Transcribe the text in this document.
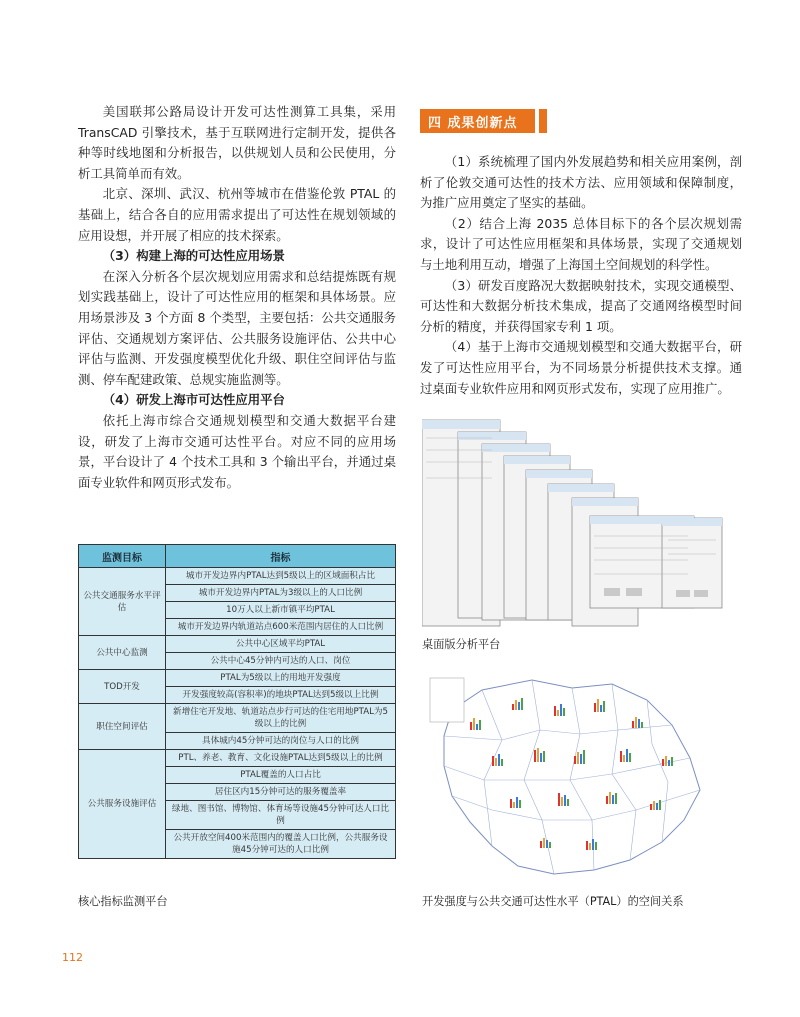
美国联邦公路局设计开发可达性测算工具集，采用TransCAD 引擎技术，基于互联网进行定制开发，提供各种等时线地图和分析报告，以供规划人员和公民使用，分析工具简单而有效。

北京、深圳、武汉、杭州等城市在借鉴伦敦 PTAL 的基础上，结合各自的应用需求提出了可达性在规划领域的应用设想，并开展了相应的技术探索。

（3）构建上海的可达性应用场景

在深入分析各个层次规划应用需求和总结提炼既有规划实践基础上，设计了可达性应用的框架和具体场景。应用场景涉及 3 个方面 8 个类型，主要包括：公共交通服务评估、交通规划方案评估、公共服务设施评估、公共中心评估与监测、开发强度模型优化升级、职住空间评估与监测、停车配建政策、总规实施监测等。

（4）研发上海市可达性应用平台

依托上海市综合交通规划模型和交通大数据平台建设，研发了上海市交通可达性平台。对应不同的应用场景，平台设计了 4 个技术工具和 3 个输出平台，并通过桌面专业软件和网页形式发布。

四 成果创新点

（1）系统梳理了国内外发展趋势和相关应用案例，剖析了伦敦交通可达性的技术方法、应用领域和保障制度，为推广应用奠定了坚实的基础。

（2）结合上海 2035 总体目标下的各个层次规划需求，设计了可达性应用框架和具体场景，实现了交通规划与土地利用互动，增强了上海国土空间规划的科学性。

（3）研发百度路况大数据映射技术，实现交通模型、可达性和大数据分析技术集成，提高了交通网络模型时间分析的精度，并获得国家专利 1 项。

（4）基于上海市交通规划模型和交通大数据平台，研发了可达性应用平台，为不同场景分析提供技术支撑。通过桌面专业软件应用和网页形式发布，实现了应用推广。

监测目标	指标
公共交通服务水平评估	城市开发边界内PTAL达到5级以上的区域面积占比
	城市开发边界内PTAL为3级以上的人口比例
	10万人以上新市镇平均PTAL
	城市开发边界内轨道站点600米范围内居住的人口比例
公共中心监测	公共中心区域平均PTAL
	公共中心45分钟内可达的人口、岗位
TOD开发	PTAL为5级以上的用地开发强度
	开发强度较高(容积率)的地块PTAL达到5级以上比例
职住空间评估	新增住宅开发地、轨道站点步行可达的住宅用地PTAL为5级以上的比例
	具体城内45分钟可达的岗位与人口的比例
公共服务设施评估	PTL、养老、教育、文化设施PTAL达到5级以上的比例
	PTAL覆盖的人口占比
	居住区内15分钟可达的服务覆盖率
	绿地、图书馆、博物馆、体育场等设施45分钟可达人口比例
	公共开放空间400米范围内的覆盖人口比例，公共服务设施45分钟可达的人口比例
核心指标监测平台
桌面版分析平台
开发强度与公共交通可达性水平（PTAL）的空间关系
112
